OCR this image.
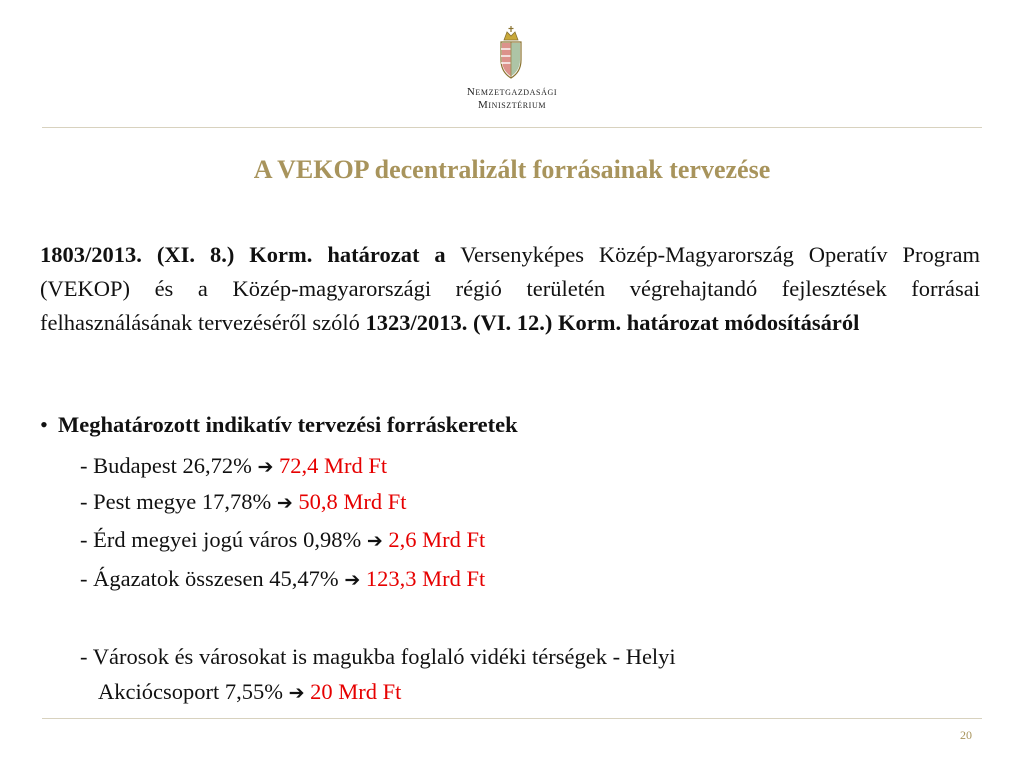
Nemzetgazdasági
Minisztérium
A VEKOP decentralizált forrásainak tervezése
1803/2013. (XI. 8.) Korm. határozat a Versenyképes Közép-Magyarország Operatív Program (VEKOP) és a Közép-magyarországi régió területén végrehajtandó fejlesztések forrásai felhasználásának tervezéséről szóló 1323/2013. (VI. 12.) Korm. határozat módosításáról
• Meghatározott indikatív tervezési forráskeretek
- Budapest 26,72% ➔ 72,4 Mrd Ft
- Pest megye 17,78% ➔ 50,8 Mrd Ft
- Érd megyei jogú város 0,98% ➔ 2,6 Mrd Ft
- Ágazatok összesen 45,47% ➔ 123,3 Mrd Ft
- Városok és városokat is magukba foglaló vidéki térségek - Helyi
Akciócsoport 7,55% ➔ 20 Mrd Ft
20
